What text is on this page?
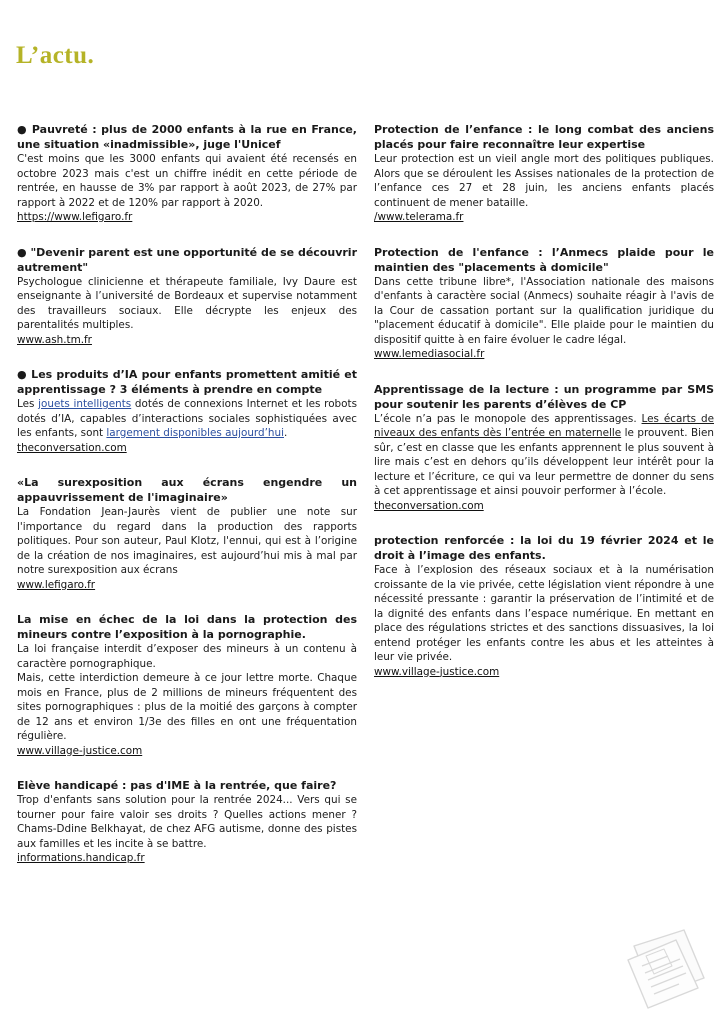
L’actu.

● Pauvreté : plus de 2000 enfants à la rue en France, une situation «inadmissible», juge l'Unicef

C'est moins que les 3000 enfants qui avaient été recensés en octobre 2023 mais c'est un chiffre inédit en cette période de rentrée, en hausse de 3% par rapport à août 2023, de 27% par rapport à 2022 et de 120% par rapport à 2020.

https://www.lefigaro.fr

● "Devenir parent est une opportunité de se découvrir autrement"

Psychologue clinicienne et thérapeute familiale, Ivy Daure est enseignante à l’université de Bordeaux et supervise notamment des travailleurs sociaux. Elle décrypte les enjeux des parentalités multiples.

www.ash.tm.fr

● Les produits d’IA pour enfants promettent amitié et apprentissage ? 3 éléments à prendre en compte

Les jouets intelligents dotés de connexions Internet et les robots dotés d’IA, capables d’interactions sociales sophistiquées avec les enfants, sont largement disponibles aujourd’hui.

theconversation.com

«La surexposition aux écrans engendre un appauvrissement de l'imaginaire»

La Fondation Jean-Jaurès vient de publier une note sur l'importance du regard dans la production des rapports politiques. Pour son auteur, Paul Klotz, l'ennui, qui est à l’origine de la création de nos imaginaires, est aujourd’hui mis à mal par notre surexposition aux écrans

www.lefigaro.fr

La mise en échec de la loi dans la protection des mineurs contre l’exposition à la pornographie.

La loi française interdit d’exposer des mineurs à un contenu à caractère pornographique.

Mais, cette interdiction demeure à ce jour lettre morte. Chaque mois en France, plus de 2 millions de mineurs fréquentent des sites pornographiques : plus de la moitié des garçons à compter de 12 ans et environ 1/3e des filles en ont une fréquentation régulière.

www.village-justice.com

Elève handicapé : pas d'IME à la rentrée, que faire?

Trop d'enfants sans solution pour la rentrée 2024... Vers qui se tourner pour faire valoir ses droits ? Quelles actions mener ? Chams-Ddine Belkhayat, de chez AFG autisme, donne des pistes aux familles et les incite à se battre.

informations.handicap.fr

Protection de l’enfance : le long combat des anciens placés pour faire reconnaître leur expertise

Leur protection est un vieil angle mort des politiques publiques. Alors que se déroulent les Assises nationales de la protection de l’enfance ces 27 et 28 juin, les anciens enfants placés continuent de mener bataille.

/www.telerama.fr

Protection de l'enfance : l’Anmecs plaide pour le maintien des "placements à domicile"

Dans cette tribune libre*, l'Association nationale des maisons d'enfants à caractère social (Anmecs) souhaite réagir à l'avis de la Cour de cassation portant sur la qualification juridique du "placement éducatif à domicile". Elle plaide pour le maintien du dispositif quitte à en faire évoluer le cadre légal.

www.lemediasocial.fr

Apprentissage de la lecture : un programme par SMS pour soutenir les parents d’élèves de CP

L’école n’a pas le monopole des apprentissages. Les écarts de niveaux des enfants dès l’entrée en maternelle le prouvent. Bien sûr, c’est en classe que les enfants apprennent le plus souvent à lire mais c’est en dehors qu’ils développent leur intérêt pour la lecture et l’écriture, ce qui va leur permettre de donner du sens à cet apprentissage et ainsi pouvoir performer à l’école.

theconversation.com

protection renforcée : la loi du 19 février 2024 et le droit à l’image des enfants.

Face à l’explosion des réseaux sociaux et à la numérisation croissante de la vie privée, cette législation vient répondre à une nécessité pressante : garantir la préservation de l’intimité et de la dignité des enfants dans l’espace numérique. En mettant en place des régulations strictes et des sanctions dissuasives, la loi entend protéger les enfants contre les abus et les atteintes à leur vie privée.

www.village-justice.com
